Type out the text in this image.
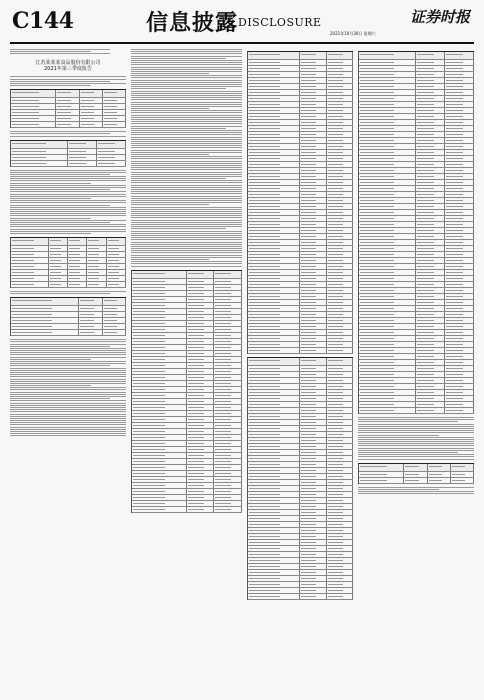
C144	信息披露 DISCLOSURE	证券时报
2021年10月30日 星期六
江苏某某某食品股份有限公司
2021年第三季度报告
